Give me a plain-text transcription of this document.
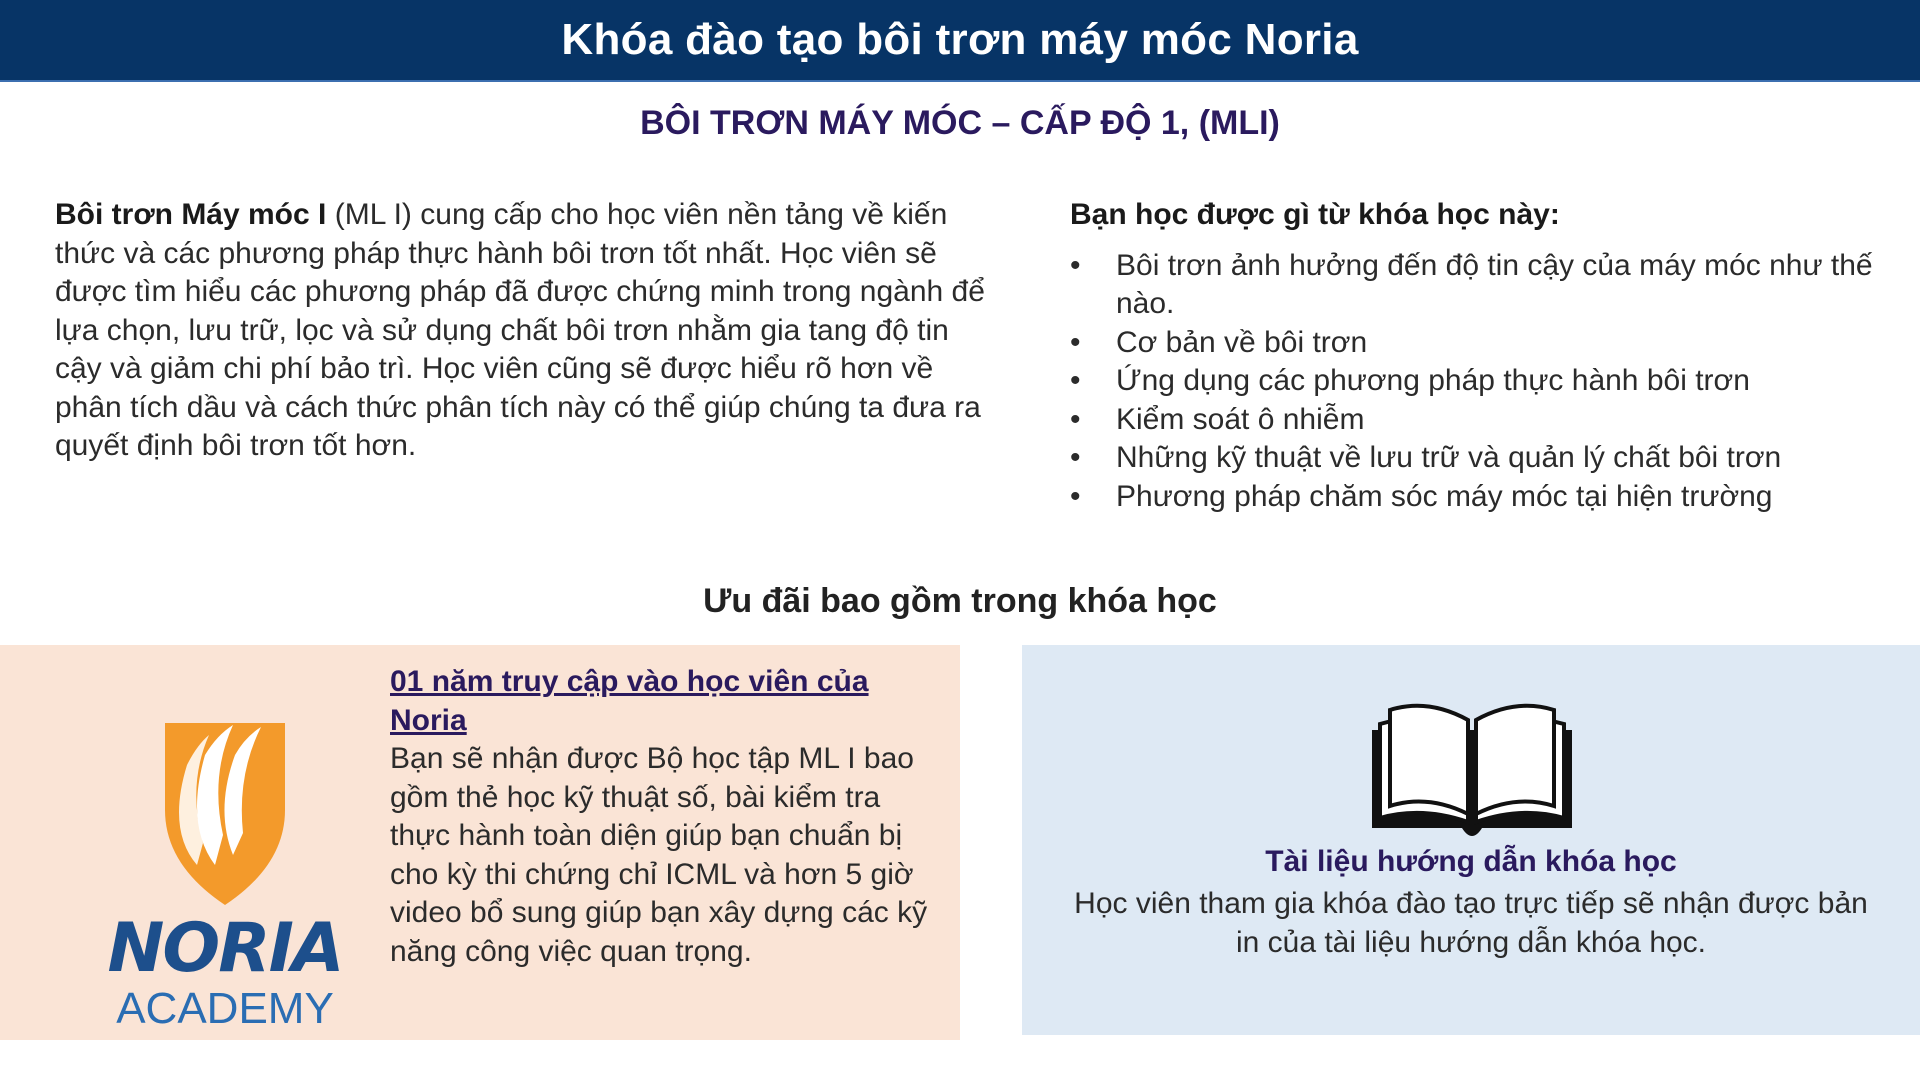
Khóa đào tạo bôi trơn máy móc Noria
BÔI TRƠN MÁY MÓC – CẤP ĐỘ 1, (MLI)
Bôi trơn Máy móc I (ML I) cung cấp cho học viên nền tảng về kiến thức và các phương pháp thực hành bôi trơn tốt nhất. Học viên sẽ được tìm hiểu các phương pháp đã được chứng minh trong ngành để lựa chọn, lưu trữ, lọc và sử dụng chất bôi trơn nhằm gia tang độ tin cậy và giảm chi phí bảo trì. Học viên cũng sẽ được hiểu rõ hơn về phân tích dầu và cách thức phân tích này có thể giúp chúng ta đưa ra quyết định bôi trơn tốt hơn.
Bạn học được gì từ khóa học này:
• Bôi trơn ảnh hưởng đến độ tin cậy của máy móc như thế nào.
• Cơ bản về bôi trơn
• Ứng dụng các phương pháp thực hành bôi trơn
• Kiểm soát ô nhiễm
• Những kỹ thuật về lưu trữ và quản lý chất bôi trơn
• Phương pháp chăm sóc máy móc tại hiện trường
Ưu đãi bao gồm trong khóa học
NORIA
ACADEMY
01 năm truy cập vào học viên của Noria
Bạn sẽ nhận được Bộ học tập ML I bao gồm thẻ học kỹ thuật số, bài kiểm tra thực hành toàn diện giúp bạn chuẩn bị cho kỳ thi chứng chỉ ICML và hơn 5 giờ video bổ sung giúp bạn xây dựng các kỹ năng công việc quan trọng.
Tài liệu hướng dẫn khóa học
Học viên tham gia khóa đào tạo trực tiếp sẽ nhận được bản in của tài liệu hướng dẫn khóa học.
